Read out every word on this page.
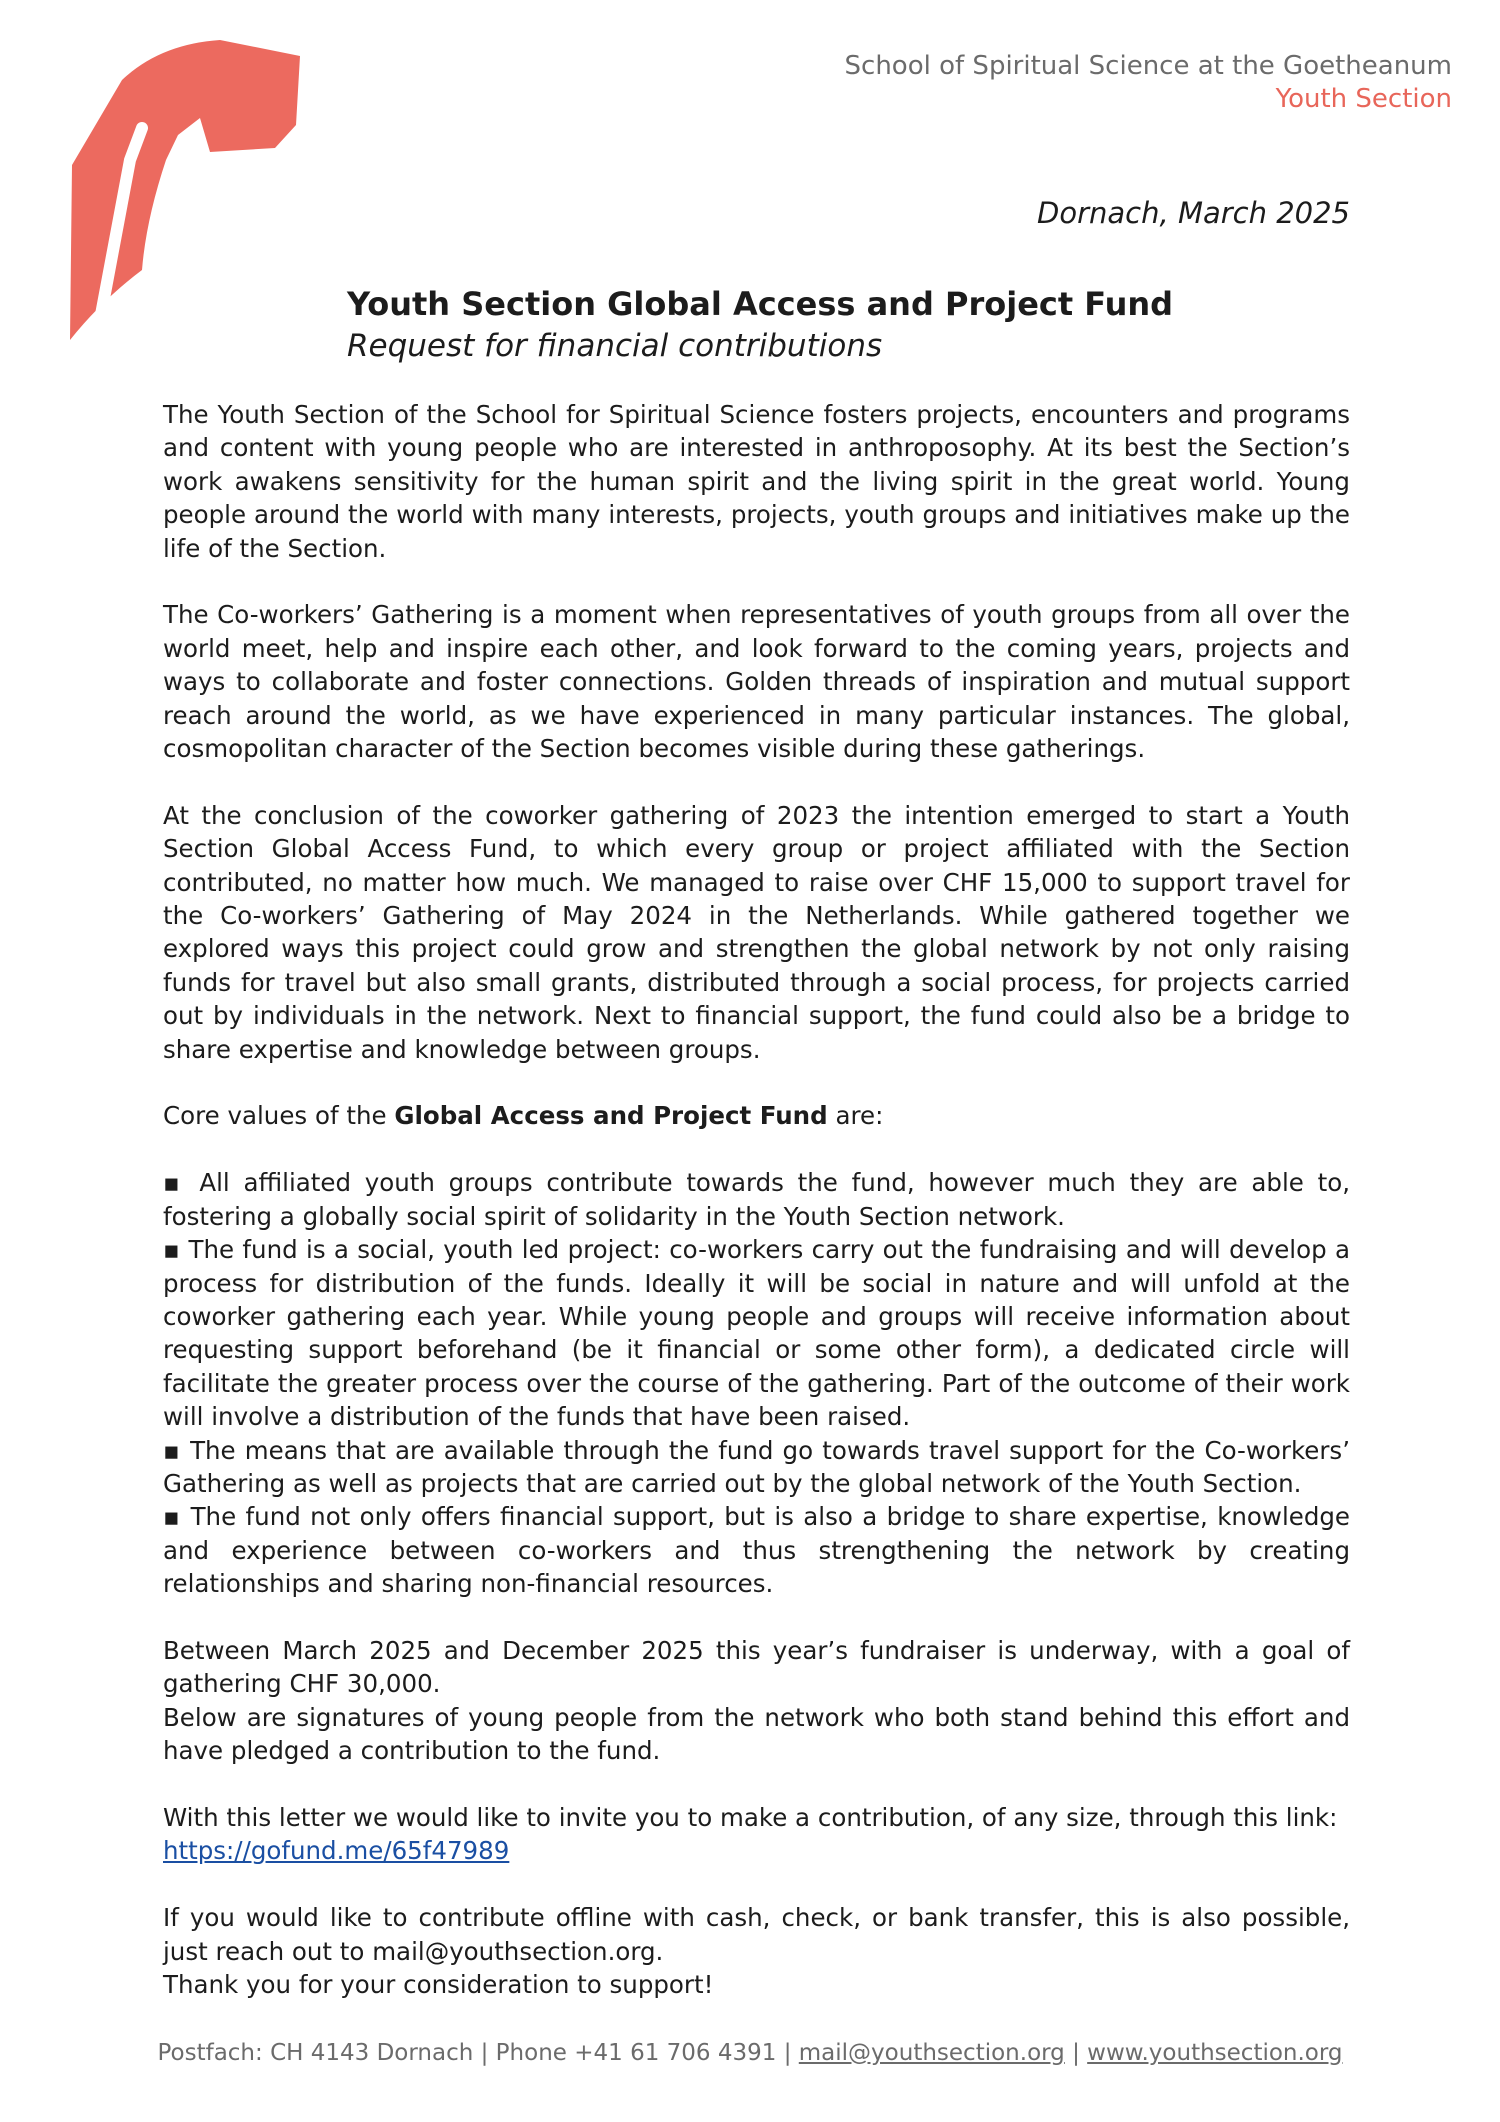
School of Spiritual Science at the Goetheanum
Youth Section
Dornach, March 2025
Youth Section Global Access and Project Fund
Request for financial contributions

The Youth Section of the School for Spiritual Science fosters projects, encounters and programs and content with young people who are interested in anthroposophy. At its best the Section’s work awakens sensitivity for the human spirit and the living spirit in the great world. Young people around the world with many interests, projects, youth groups and initiatives make up the life of the Section.

The Co-workers’ Gathering is a moment when representatives of youth groups from all over the world meet, help and inspire each other, and look forward to the coming years, projects and ways to collaborate and foster connections. Golden threads of inspiration and mutual support reach around the world, as we have experienced in many particular instances. The global, cosmopolitan character of the Section becomes visible during these gatherings.

At the conclusion of the coworker gathering of 2023 the intention emerged to start a Youth Section Global Access Fund, to which every group or project affiliated with the Section contributed, no matter how much. We managed to raise over CHF 15,000 to support travel for the Co-workers’ Gathering of May 2024 in the Netherlands. While gathered together we explored ways this project could grow and strengthen the global network by not only raising funds for travel but also small grants, distributed through a social process, for projects carried out by individuals in the network. Next to financial support, the fund could also be a bridge to share expertise and knowledge between groups.

Core values of the Global Access and Project Fund are:

▪ All affiliated youth groups contribute towards the fund, however much they are able to, fostering a globally social spirit of solidarity in the Youth Section network.

▪ The fund is a social, youth led project: co-workers carry out the fundraising and will develop a process for distribution of the funds. Ideally it will be social in nature and will unfold at the coworker gathering each year. While young people and groups will receive information about requesting support beforehand (be it financial or some other form), a dedicated circle will facilitate the greater process over the course of the gathering. Part of the outcome of their work will involve a distribution of the funds that have been raised.

▪ The means that are available through the fund go towards travel support for the Co-workers’ Gathering as well as projects that are carried out by the global network of the Youth Section.

▪ The fund not only offers financial support, but is also a bridge to share expertise, knowledge and experience between co-workers and thus strengthening the network by creating relationships and sharing non-financial resources.

Between March 2025 and December 2025 this year’s fundraiser is underway, with a goal of gathering CHF 30,000.

Below are signatures of young people from the network who both stand behind this effort and have pledged a contribution to the fund.

With this letter we would like to invite you to make a contribution, of any size, through this link:
https://gofund.me/65f47989

If you would like to contribute offline with cash, check, or bank transfer, this is also possible, just reach out to mail@youthsection.org.

Thank you for your consideration to support!

Postfach: CH 4143 Dornach | Phone +41 61 706 4391 | mail@youthsection.org | www.youthsection.org
